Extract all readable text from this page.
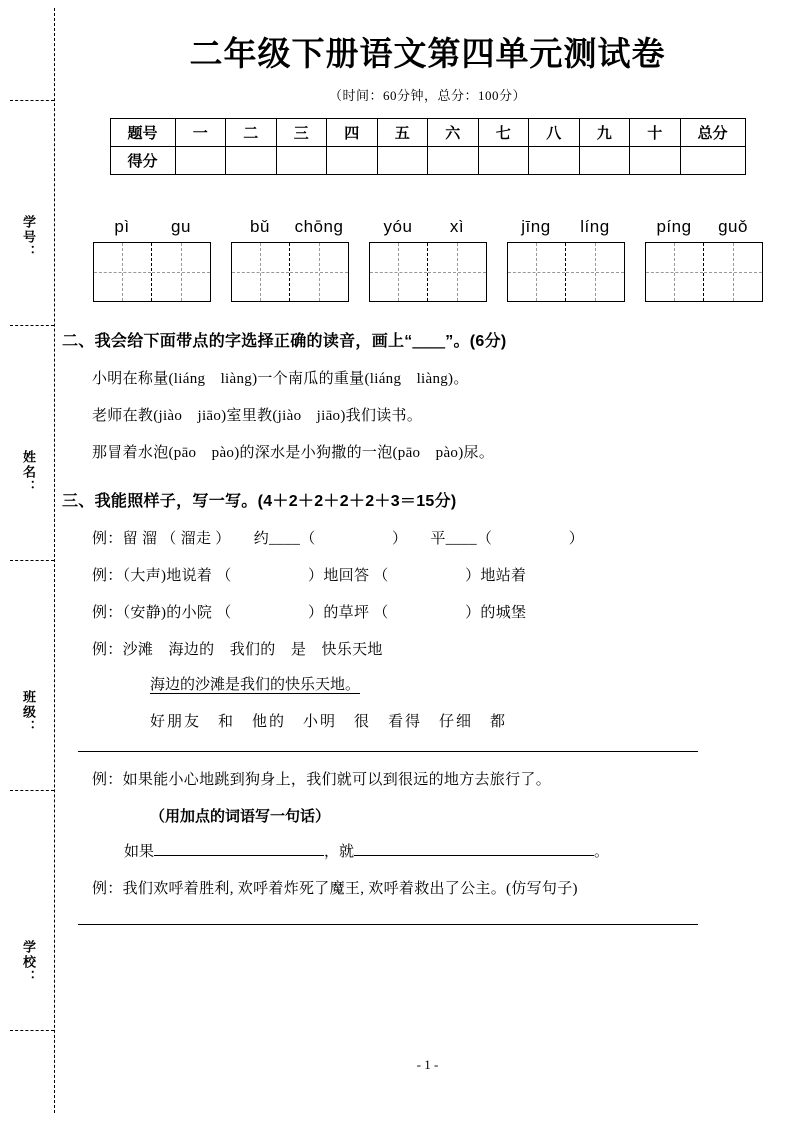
学号：
姓名：
班级：
学校：
二年级下册语文第四单元测试卷
（时间：60分钟，总分：100分）
题号	一	二	三	四	五	六	七	八	九	十	总分
得分											
pì	gu	bǔ	chōng	yóu	xì	jīng	líng	píng	guǒ
二、我会给下面带点的字选择正确的读音，画上“＿＿”。(6分)
小明在称量(liáng　liàng)一个南瓜的重量(liáng　liàng)。
老师在教(jiào　jiāo)室里教(jiào　jiāo)我们读书。
那冒着水泡(pāo　pào)的深水是小狗撒的一泡(pāo　pào)尿。
三、我能照样子，写一写。(4＋2＋2＋2＋2＋3＝15分)
例：留 溜 （ 溜走 ）　　约____（　　　　　）　　平____（　　　　　）
例：（大声)地说着 （　　　　　）地回答 （　　　　　）地站着
例：（安静)的小院 （　　　　　）的草坪 （　　　　　）的城堡
例：沙滩　海边的　我们的　是　快乐天地
海边的沙滩是我们的快乐天地。
好朋友　和　他的　小明　很　看得　仔细　都
例：如果能小心地跳到狗身上，我们就可以到很远的地方去旅行了。
（用加点的词语写一句话）
如果	，就	。
例：我们欢呼着胜利, 欢呼着炸死了魔王, 欢呼着救出了公主。(仿写句子)
- 1 -
